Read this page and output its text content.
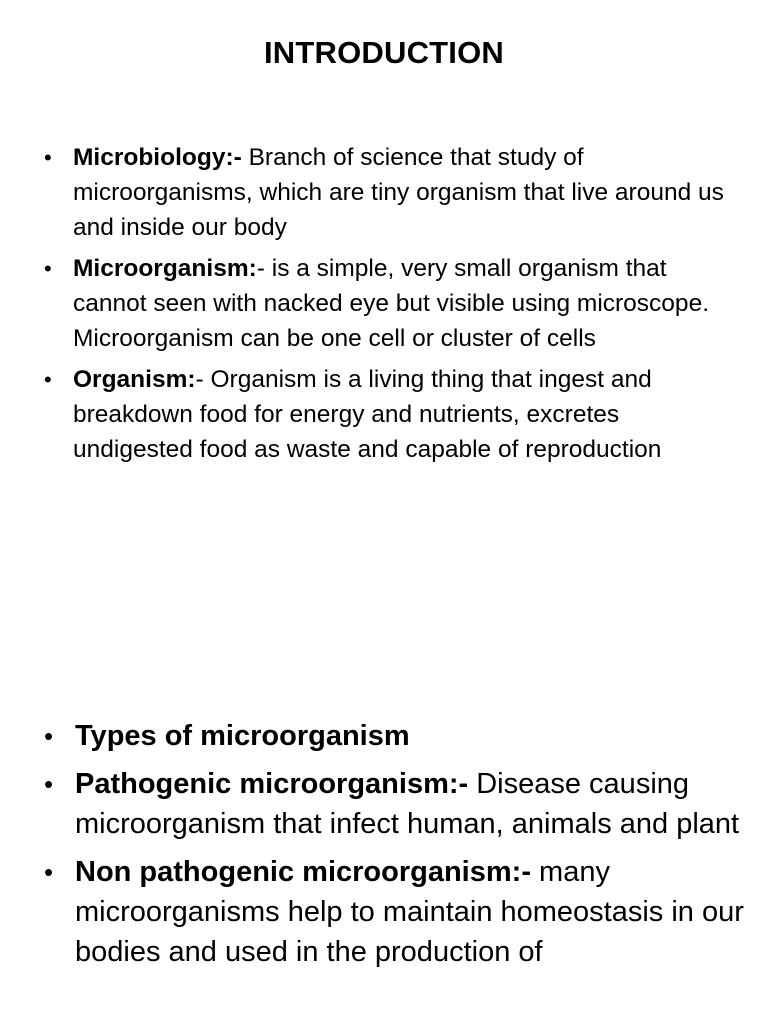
INTRODUCTION
• Microbiology:- Branch of science that study of microorganisms, which are tiny organism that live around us and inside our body
• Microorganism:- is a simple, very small organism that cannot seen with nacked eye but visible using microscope. Microorganism can be one cell or cluster of cells
• Organism:- Organism is a living thing that ingest and breakdown food for energy and nutrients, excretes undigested food as waste and capable of reproduction
• Types of microorganism
• Pathogenic microorganism:- Disease causing microorganism that infect human, animals and plant
• Non pathogenic microorganism:- many microorganisms help to maintain homeostasis in our bodies and used in the production of
